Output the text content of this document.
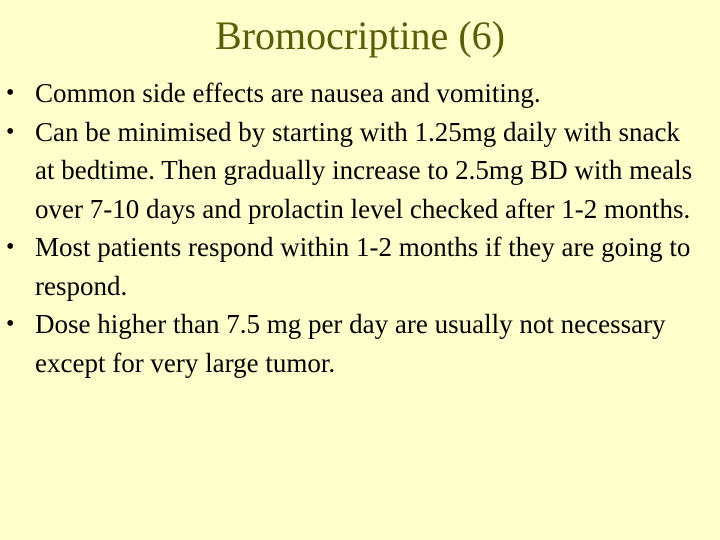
Bromocriptine (6)
• Common side effects are nausea and vomiting.
• Can be minimised by starting with 1.25mg daily with snack at bedtime. Then gradually increase to 2.5mg BD with meals over 7-10 days and prolactin level checked after 1-2 months.
• Most patients respond within 1-2 months if they are going to respond.
• Dose higher than 7.5 mg per day are usually not necessary except for very large tumor.
